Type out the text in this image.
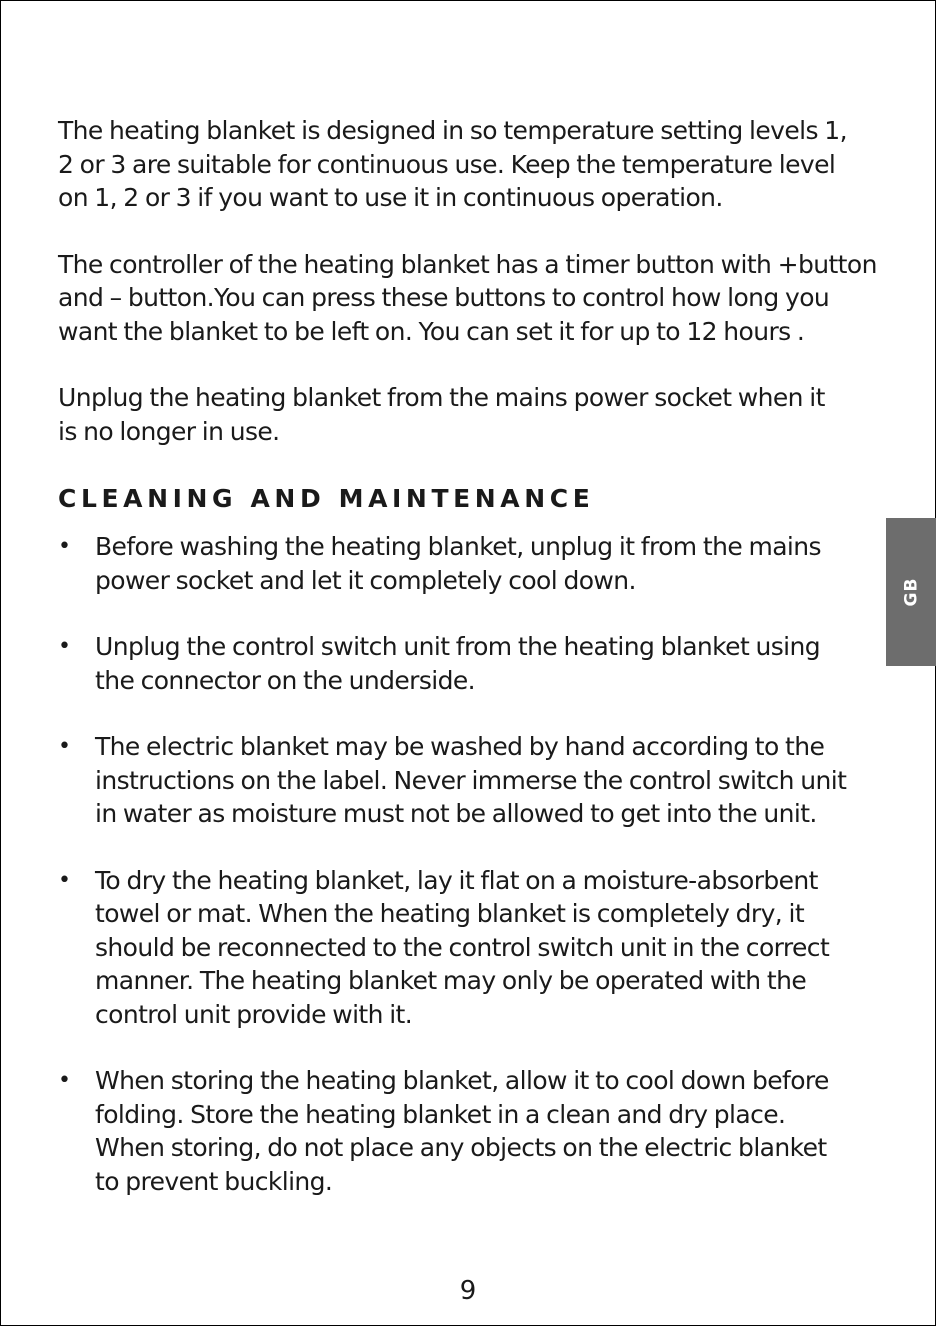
The heating blanket is designed in so temperature setting levels 1,
2 or 3 are suitable for continuous use. Keep the temperature level
on 1, 2 or 3 if you want to use it in continuous operation.

The controller of the heating blanket has a timer button with +button
and – button.You can press these buttons to control how long you
want the blanket to be left on. You can set it for up to 12 hours .

Unplug the heating blanket from the mains power socket when it
is no longer in use.

CLEANING AND MAINTENANCE
• Before washing the heating blanket, unplug it from the mains
power socket and let it completely cool down.
• Unplug the control switch unit from the heating blanket using
the connector on the underside.
• The electric blanket may be washed by hand according to the
instructions on the label. Never immerse the control switch unit
in water as moisture must not be allowed to get into the unit.
• To dry the heating blanket, lay it flat on a moisture-absorbent
towel or mat. When the heating blanket is completely dry, it
should be reconnected to the control switch unit in the correct
manner. The heating blanket may only be operated with the
control unit provide with it.
• When storing the heating blanket, allow it to cool down before
folding. Store the heating blanket in a clean and dry place.
When storing, do not place any objects on the electric blanket
to prevent buckling.
GB
9
